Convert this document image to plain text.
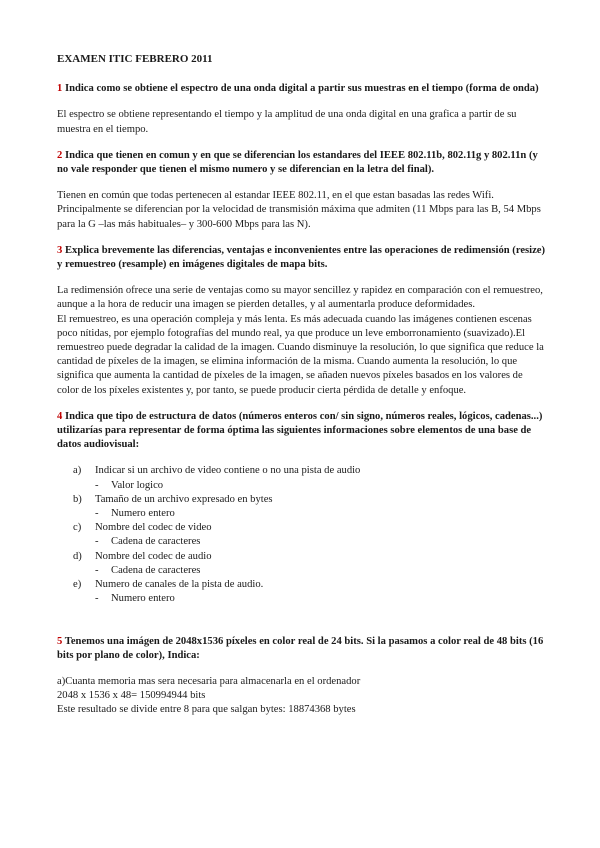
EXAMEN ITIC FEBRERO 2011
1 Indica como se obtiene el espectro de una onda digital a partir sus muestras en el tiempo (forma de onda)

El espectro se obtiene representando el tiempo y la amplitud de una onda digital en una grafica a partir de su muestra en el tiempo.

2 Indica que tienen en comun y en que se diferencian los estandares del IEEE 802.11b, 802.11g y 802.11n (y no vale responder que tienen el mismo numero y se diferencian en la letra del final).

Tienen en común que todas pertenecen al estandar IEEE 802.11, en el que estan basadas las redes Wifi. Principalmente se diferencian por la velocidad de transmisión máxima que admiten (11 Mbps para las B, 54 Mbps para la G –las más habituales– y 300-600 Mbps para las N).

3 Explica brevemente las diferencias, ventajas e inconvenientes entre las operaciones de redimensión (resize) y remuestreo (resample) en imágenes digitales de mapa bits.

La redimensión ofrece una serie de ventajas como su mayor sencillez y rapidez en comparación con el remuestreo, aunque a la hora de reducir una imagen se pierden detalles, y al aumentarla produce deformidades.

El remuestreo, es una operación compleja y más lenta. Es más adecuada cuando las imágenes contienen escenas poco nítidas, por ejemplo fotografías del mundo real, ya que produce un leve emborronamiento (suavizado).El remuestreo puede degradar la calidad de la imagen. Cuando disminuye la resolución, lo que significa que reduce la cantidad de píxeles de la imagen, se elimina información de la misma. Cuando aumenta la resolución, lo que significa que aumenta la cantidad de píxeles de la imagen, se añaden nuevos píxeles basados en los valores de color de los píxeles existentes y, por tanto, se puede producir cierta pérdida de detalle y enfoque.

4 Indica que tipo de estructura de datos (números enteros con/ sin signo, números reales, lógicos, cadenas...) utilizarías para representar de forma óptima las siguientes informaciones sobre elementos de una base de datos audiovisual:
a)	Indicar si un archivo de video contiene o no una pista de audio
-	Valor logico
b)	Tamaño de un archivo expresado en bytes
-	Numero entero
c)	Nombre del codec de video
-	Cadena de caracteres
d)	Nombre del codec de audio
-	Cadena de caracteres
e)	Numero de canales de la pista de audio.
-	Numero entero
5 Tenemos una imágen de 2048x1536 píxeles en color real de 24 bits. Si la pasamos a color real de 48 bits (16 bits por plano de color), Indica:

a)Cuanta memoria mas sera necesaria para almacenarla en el ordenador

2048 x 1536 x 48= 150994944 bits

Este resultado se divide entre 8 para que salgan bytes: 18874368 bytes
